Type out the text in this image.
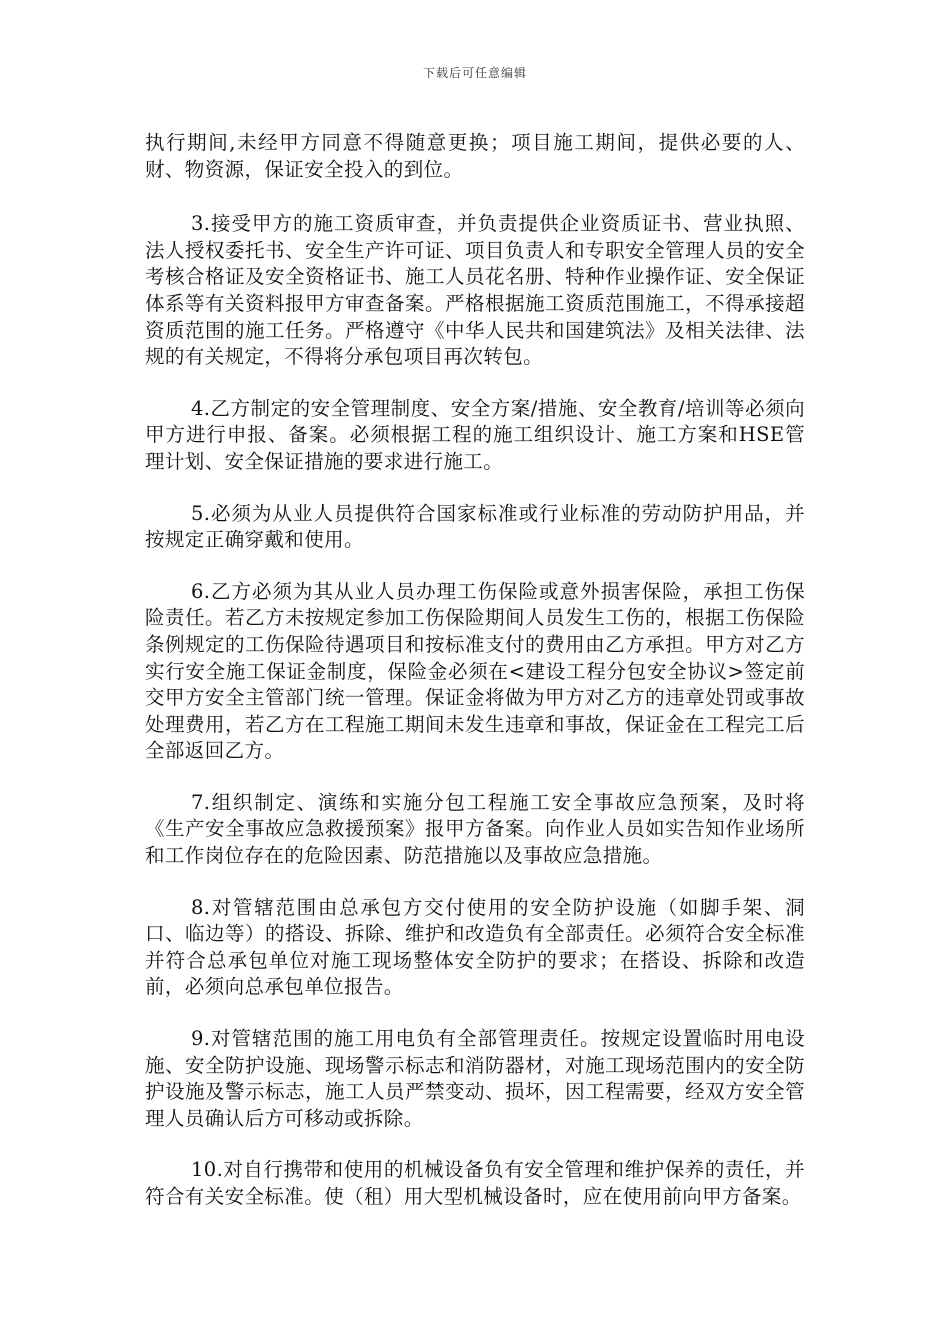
下载后可任意编辑

执行期间,未经甲方同意不得随意更换；项目施工期间，提供必要的人、财、物资源，保证安全投入的到位。

3.接受甲方的施工资质审查，并负责提供企业资质证书、营业执照、法人授权委托书、安全生产许可证、项目负责人和专职安全管理人员的安全考核合格证及安全资格证书、施工人员花名册、特种作业操作证、安全保证体系等有关资料报甲方审查备案。严格根据施工资质范围施工，不得承接超资质范围的施工任务。严格遵守《中华人民共和国建筑法》及相关法律、法规的有关规定，不得将分承包项目再次转包。

4.乙方制定的安全管理制度、安全方案/措施、安全教育/培训等必须向甲方进行申报、备案。必须根据工程的施工组织设计、施工方案和HSE管理计划、安全保证措施的要求进行施工。

5.必须为从业人员提供符合国家标准或行业标准的劳动防护用品，并按规定正确穿戴和使用。

6.乙方必须为其从业人员办理工伤保险或意外损害保险，承担工伤保险责任。若乙方未按规定参加工伤保险期间人员发生工伤的，根据工伤保险条例规定的工伤保险待遇项目和按标准支付的费用由乙方承担。甲方对乙方实行安全施工保证金制度，保险金必须在<建设工程分包安全协议>签定前交甲方安全主管部门统一管理。保证金将做为甲方对乙方的违章处罚或事故处理费用，若乙方在工程施工期间未发生违章和事故，保证金在工程完工后全部返回乙方。

7.组织制定、演练和实施分包工程施工安全事故应急预案，及时将《生产安全事故应急救援预案》报甲方备案。向作业人员如实告知作业场所和工作岗位存在的危险因素、防范措施以及事故应急措施。

8.对管辖范围由总承包方交付使用的安全防护设施（如脚手架、洞口、临边等）的搭设、拆除、维护和改造负有全部责任。必须符合安全标准并符合总承包单位对施工现场整体安全防护的要求；在搭设、拆除和改造前，必须向总承包单位报告。

9.对管辖范围的施工用电负有全部管理责任。按规定设置临时用电设施、安全防护设施、现场警示标志和消防器材，对施工现场范围内的安全防护设施及警示标志，施工人员严禁变动、损坏，因工程需要，经双方安全管理人员确认后方可移动或拆除。

10.对自行携带和使用的机械设备负有安全管理和维护保养的责任，并符合有关安全标准。使（租）用大型机械设备时，应在使用前向甲方备案。
